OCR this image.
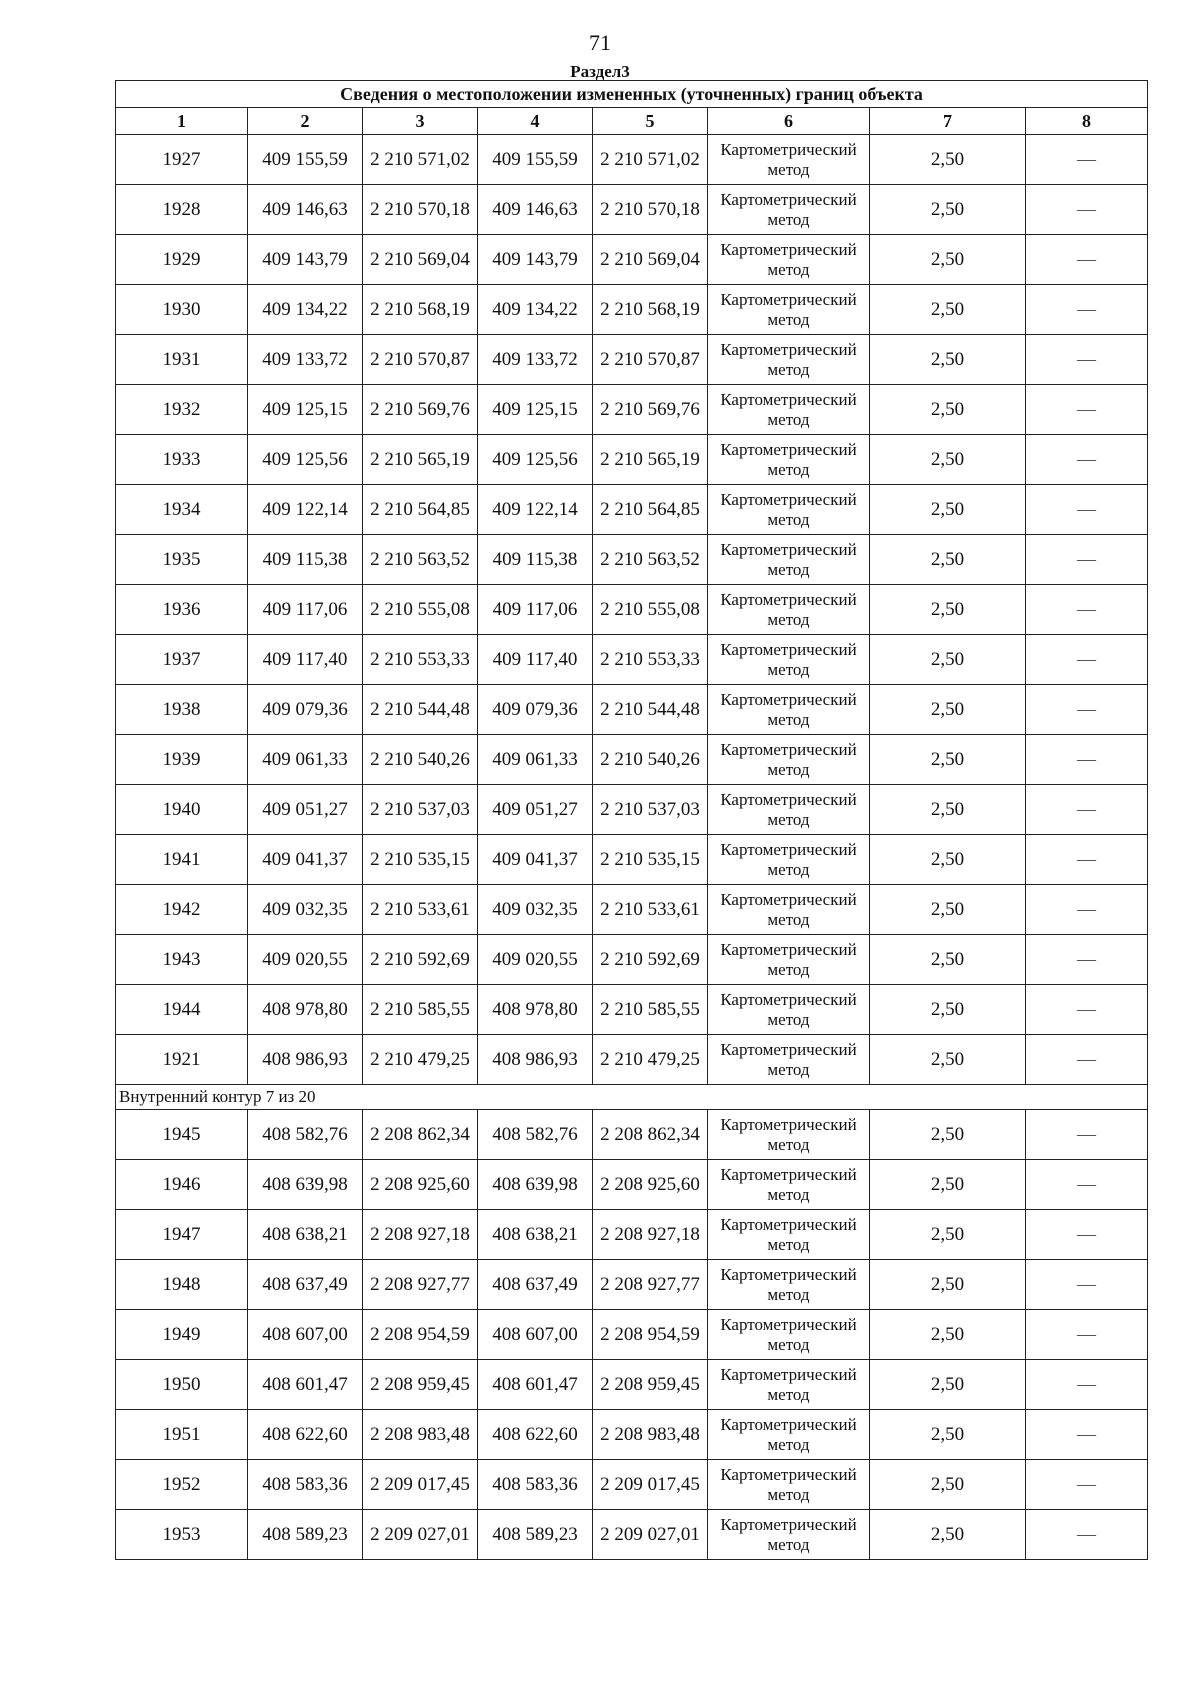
71
Раздел3
Сведения о местоположении измененных (уточненных) границ объекта							
1	2	3	4	5	6	7	8
1927	409 155,59	2 210 571,02	409 155,59	2 210 571,02	Картометрический метод	2,50	—
1928	409 146,63	2 210 570,18	409 146,63	2 210 570,18	Картометрический метод	2,50	—
1929	409 143,79	2 210 569,04	409 143,79	2 210 569,04	Картометрический метод	2,50	—
1930	409 134,22	2 210 568,19	409 134,22	2 210 568,19	Картометрический метод	2,50	—
1931	409 133,72	2 210 570,87	409 133,72	2 210 570,87	Картометрический метод	2,50	—
1932	409 125,15	2 210 569,76	409 125,15	2 210 569,76	Картометрический метод	2,50	—
1933	409 125,56	2 210 565,19	409 125,56	2 210 565,19	Картометрический метод	2,50	—
1934	409 122,14	2 210 564,85	409 122,14	2 210 564,85	Картометрический метод	2,50	—
1935	409 115,38	2 210 563,52	409 115,38	2 210 563,52	Картометрический метод	2,50	—
1936	409 117,06	2 210 555,08	409 117,06	2 210 555,08	Картометрический метод	2,50	—
1937	409 117,40	2 210 553,33	409 117,40	2 210 553,33	Картометрический метод	2,50	—
1938	409 079,36	2 210 544,48	409 079,36	2 210 544,48	Картометрический метод	2,50	—
1939	409 061,33	2 210 540,26	409 061,33	2 210 540,26	Картометрический метод	2,50	—
1940	409 051,27	2 210 537,03	409 051,27	2 210 537,03	Картометрический метод	2,50	—
1941	409 041,37	2 210 535,15	409 041,37	2 210 535,15	Картометрический метод	2,50	—
1942	409 032,35	2 210 533,61	409 032,35	2 210 533,61	Картометрический метод	2,50	—
1943	409 020,55	2 210 592,69	409 020,55	2 210 592,69	Картометрический метод	2,50	—
1944	408 978,80	2 210 585,55	408 978,80	2 210 585,55	Картометрический метод	2,50	—
1921	408 986,93	2 210 479,25	408 986,93	2 210 479,25	Картометрический метод	2,50	—
Внутренний контур 7 из 20							
1945	408 582,76	2 208 862,34	408 582,76	2 208 862,34	Картометрический метод	2,50	—
1946	408 639,98	2 208 925,60	408 639,98	2 208 925,60	Картометрический метод	2,50	—
1947	408 638,21	2 208 927,18	408 638,21	2 208 927,18	Картометрический метод	2,50	—
1948	408 637,49	2 208 927,77	408 637,49	2 208 927,77	Картометрический метод	2,50	—
1949	408 607,00	2 208 954,59	408 607,00	2 208 954,59	Картометрический метод	2,50	—
1950	408 601,47	2 208 959,45	408 601,47	2 208 959,45	Картометрический метод	2,50	—
1951	408 622,60	2 208 983,48	408 622,60	2 208 983,48	Картометрический метод	2,50	—
1952	408 583,36	2 209 017,45	408 583,36	2 209 017,45	Картометрический метод	2,50	—
1953	408 589,23	2 209 027,01	408 589,23	2 209 027,01	Картометрический метод	2,50	—
